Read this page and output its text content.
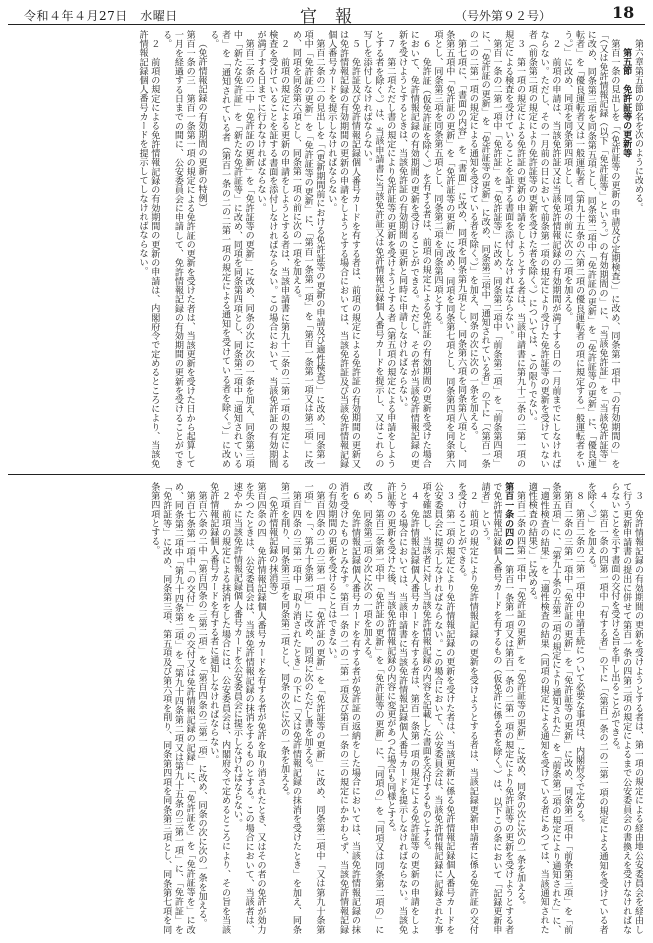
令和４年４月27日　水曜日	官報	（号外第９２号）	18

第六章第五節の節名を次のように改める。

第五節　免許証等の更新等

第百一条の見出しを「（免許証等の更新の申請及び定期検査）」に改め、同条第一項中「の有効期間の」を「（又は免許情報記録（以下「免許証等」という。）の有効期間の」に、「当該免許証」を「当該免許証等」に改め、同条第三項を同条第五項とし、同条第二項中「免許証の更新」を「免許証等の更新」に、「優良運転者」を「優良運転者又は一般運転者（第九十五条の六第二項の優良運転者の項に規定する一般運転者をいう。）」に改め、同項を同条第四項とし、同項の前に次の二項を加える。

２　前項の申請は、当該免許証又は当該免許情報記録の有効期間が満了する日の一月前までにしなければならない。ただし、その一月前の日において前条第一項の規定により受けた免許証等の更新を受けていない者（前条第二項の規定により免許証等の更新を受けた者を除く。）については、この限りでない。

３　第一項の規定による免許証の更新の申請をしようとする者は、当該申請書に第九十二条の二第一項の規定による検査を受けていることを証する書面を添付しなければならない。

第百一条の二第一項中「免許証」を「免許証等」に改め、同条第二項中「前条第二項」を「前条第四項」に、「免許証の更新」を「免許証等の更新」に改め、同条第三項中「通知されている者」の下に「（第百一条の二の二第一項の規定による通知を受けている者を除く。）」を加え、同条の次に次の一条を加える。

第七項に、「書面の内容」を「書面」に改め、同項を同条第九項とし、同条第六項を同条第八項とし、同条第五項中「免許証の更新」を「免許証等の更新」に改め、同項を同条第七項とし、同条第四項を同条第六項とし、同条第三項を同条第五項とし、同条第二項を同条第四項とする。

６　免許証（仮免許証を除く。）を有する者は、前項の規定による免許証の有効期間の更新を受けた場合において、免許情報記録の有効期間の更新を受けることができる。ただし、その者が当該免許情報記録の更新を受けようとするときは、当該免許証の有効期間の更新と同時に申請しなければならない。

７　第二項ただし書の規定により免許証等の更新を受けようとする者（第五項の規定による申請をしようとする者を除く。）は、当該申請書に当該免許証又は免許情報記録個人番号カードを提示し、又はこれらの写しを添付しなければならない。

５　免許証及び免許情報記録個人番号カードを有する者は、前項の規定による免許証の有効期間の更新又は免許情報記録の有効期間の更新の申請をしようとする場合においては、当該免許証及び当該免許情報記録個人番号カードを提示しなければならない。

第百二条の二の見出しを「（更新期間前における免許証等の更新の申請及び適性検査）」に改め、同条第一項中「免許証の更新」を「免許証等の更新」に、「第百一条第一項」を「第百一条第一項又は第二項」に改め、同項を同条第六項とし、同条第一項の前に次の一項を加える。

２　前項の規定による更新の申請をしようとする者は、当該申請書に第九十二条の二第一項の規定による検査を受けていることを証する書面を添付しなければならない。この場合において、当該免許証の有効期間が満了する日までに行わなければならない。

第百二条の二中「免許証の更新」を「免許証等の更新」に改め、同条の次に次の一条を加え、同条第三項中「新たな免許証」を「新たな免許証等」に改め、同項を同条第四項とし、同条第二項中「通知されている者」を「通知されている者（第百一条の二の二第一項の規定による通知を受けている者を除く。）」に改める。

（免許情報記録の有効期間の更新の特例）

第百一条の三　第百一条第一項の規定による免許証の更新を受けた者は、当該更新を受けた日から起算して一月を経過する日までの間に、公安委員会に申請して、免許情報記録の有効期間の更新を受けることができる。

２　前項の規定による免許情報記録の有効期間の更新の申請は、内閣府令で定めるところにより、当該免許情報記録個人番号カードを提示してしなければならない。

３　免許情報記録の有効期間の更新を受けようとする者は、第一項の規定による経由地公安委員会を経由して行う更新申請書の提出に併せて第百一条の四第二項の規定によるまで公安委員会の書換えを受けなければならないことを示す書面の交付を受ける旨を申し出ることができる。

４　第百一条の四第一項中「有する者」の下に「（第百一条の二の二第一項の規定による通知を受けている者を除く。）」を加える。

８　第百二条の二第一項中の申請手続について必要な事項は、内閣府令で定める。

第百二条の三第一項中「免許証の更新」を「免許証等の更新」に改め、同条第二項中「前条第三項」を「前条第五項」に、「第九十条の五第二項の規定により通知された」を「前条第二項の規定により通知された」に、「適性検査の結果」を「適性検査の結果（同項の規定による通知を受けている者にあつては、当該通知された適性検査の結果）」に改める。

第百二条の四第一項中「免許証の更新」を「免許証等の更新」に改め、同条の次に次の一条を加える。

第百一条の四の二　第百一条第一項又は第百一条の二第一項の規定により免許証等の更新を受けようとする者で免許情報記録個人番号カードを有するもの（仮免許に係る者を除く。）は、以下この条において「記録更新申請者」という。

２　前項の規定により免許情報記録の更新を受けようとする者は、当該記録更新申請者に係る免許証の交付を受けることができる。

３　第一項の規定により免許情報記録の更新を受けた者は、当該更新に係る免許情報記録個人番号カードを公安委員会に提示しなければならない。この場合において、公安委員会は、当該免許情報記録に記録された事項を確認し、当該者に対し当該免許情報記録の内容を記載した書面を交付するものとする。

４　免許情報記録個人番号カードを有する者は、第百一条第一項の規定による免許証等の更新の申請をしようとする場合においては、当該申請書に当該免許情報記録個人番号カードを提示しなければならない。当該免許証等の更新を受けた後、当該免許情報記録の内容に変更があつた場合も同様とする。

５　第百二条第一項中「免許証の更新」を「免許証等の更新」に、「同項の」を「同項又は同条第二項の」に改め、同条第三項の次に次の一項を加える。

６　免許情報記録個人番号カードを有する者が免許証の返納をした場合においては、当該免許情報記録の抹消を受けたものとみなす。第百一条の二の二第一項及び第百一条の三の規定にかかわらず、当該免許情報記録の有効期間の更新を受けることはできない。

第百四条の二の三第一項中「免許証の更新」を「免許証等の更新」に改め、同条第二項中「又は第九十条第一項」を「、第九十条第一項」に改め、同項に次のただし書を加える。

第百四条の三第一項中「取り消されたとき」の下に「又は免許情報記録の抹消を受けたとき」を加え、同条第二項を削り、同条第三項を同条第二項とし、同条の次に次の一条を加える。

（免許情報記録の抹消等）

第百四条の四　免許情報記録個人番号カードを有する者が免許を取り消されたとき、又はその者の免許が効力を失つたときは、公安委員会は、当該免許情報記録の抹消をするものとする。この場合において、当該者は、速やかに当該免許情報記録個人番号カードを公安委員会に提示しなければならない。

２　前項の規定による抹消をした場合には、公安委員会は、内閣府令で定めるところにより、その旨を当該免許情報記録個人番号カードを有する者に通知しなければならない。

第百六条の二中「第百四条の三第二項」を「第百四条の三第一項」に改め、同条の次に次の一条を加える。

第百七条第一項中「の交付」を「の交付又は免許情報記録の記録」に、「免許証を」を「免許証等を」に改め、同条第二項中「第九十四条第二項」を「第九十四条第二項又は第九十五条の三第一項」に、「免許証」を「免許証等」に改め、同条第三項、第五項及び第六項を削り、同条第四項を同条第三項とし、同条第七項を同条第四項とする。
